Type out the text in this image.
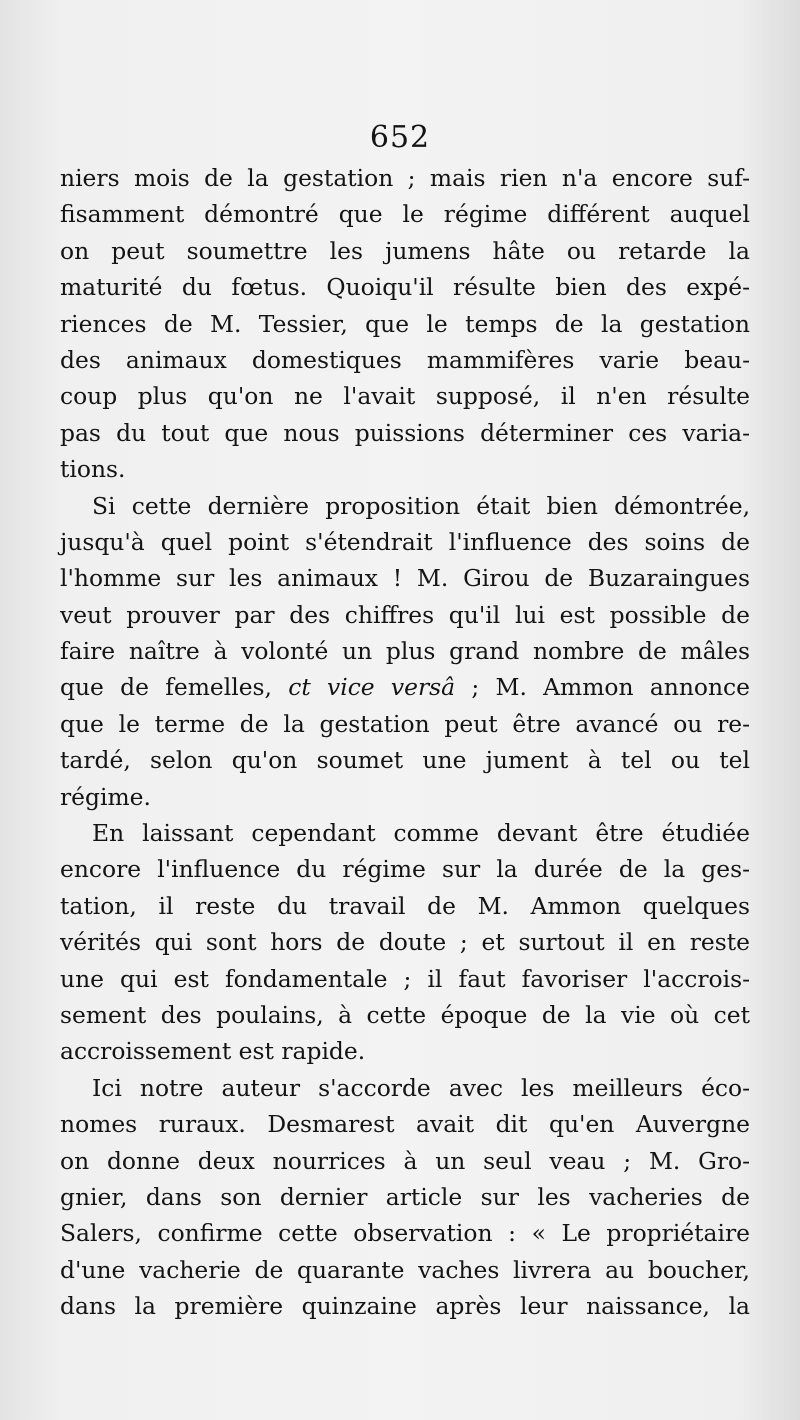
652
niers mois de la gestation ; mais rien n'a encore suf-
fisamment démontré que le régime différent auquel
on peut soumettre les jumens hâte ou retarde la
maturité du fœtus. Quoiqu'il résulte bien des expé-
riences de M. Tessier, que le temps de la gestation
des animaux domestiques mammifères varie beau-
coup plus qu'on ne l'avait supposé, il n'en résulte
pas du tout que nous puissions déterminer ces varia-
tions.
Si cette dernière proposition était bien démontrée,
jusqu'à quel point s'étendrait l'influence des soins de
l'homme sur les animaux ! M. Girou de Buzaraingues
veut prouver par des chiffres qu'il lui est possible de
faire naître à volonté un plus grand nombre de mâles
que de femelles, ct vice versâ ; M. Ammon annonce
que le terme de la gestation peut être avancé ou re-
tardé, selon qu'on soumet une jument à tel ou tel
régime.
En laissant cependant comme devant être étudiée
encore l'influence du régime sur la durée de la ges-
tation, il reste du travail de M. Ammon quelques
vérités qui sont hors de doute ; et surtout il en reste
une qui est fondamentale ; il faut favoriser l'accrois-
sement des poulains, à cette époque de la vie où cet
accroissement est rapide.
Ici notre auteur s'accorde avec les meilleurs éco-
nomes ruraux. Desmarest avait dit qu'en Auvergne
on donne deux nourrices à un seul veau ; M. Gro-
gnier, dans son dernier article sur les vacheries de
Salers, confirme cette observation : « Le propriétaire
d'une vacherie de quarante vaches livrera au boucher,
dans la première quinzaine après leur naissance, la
